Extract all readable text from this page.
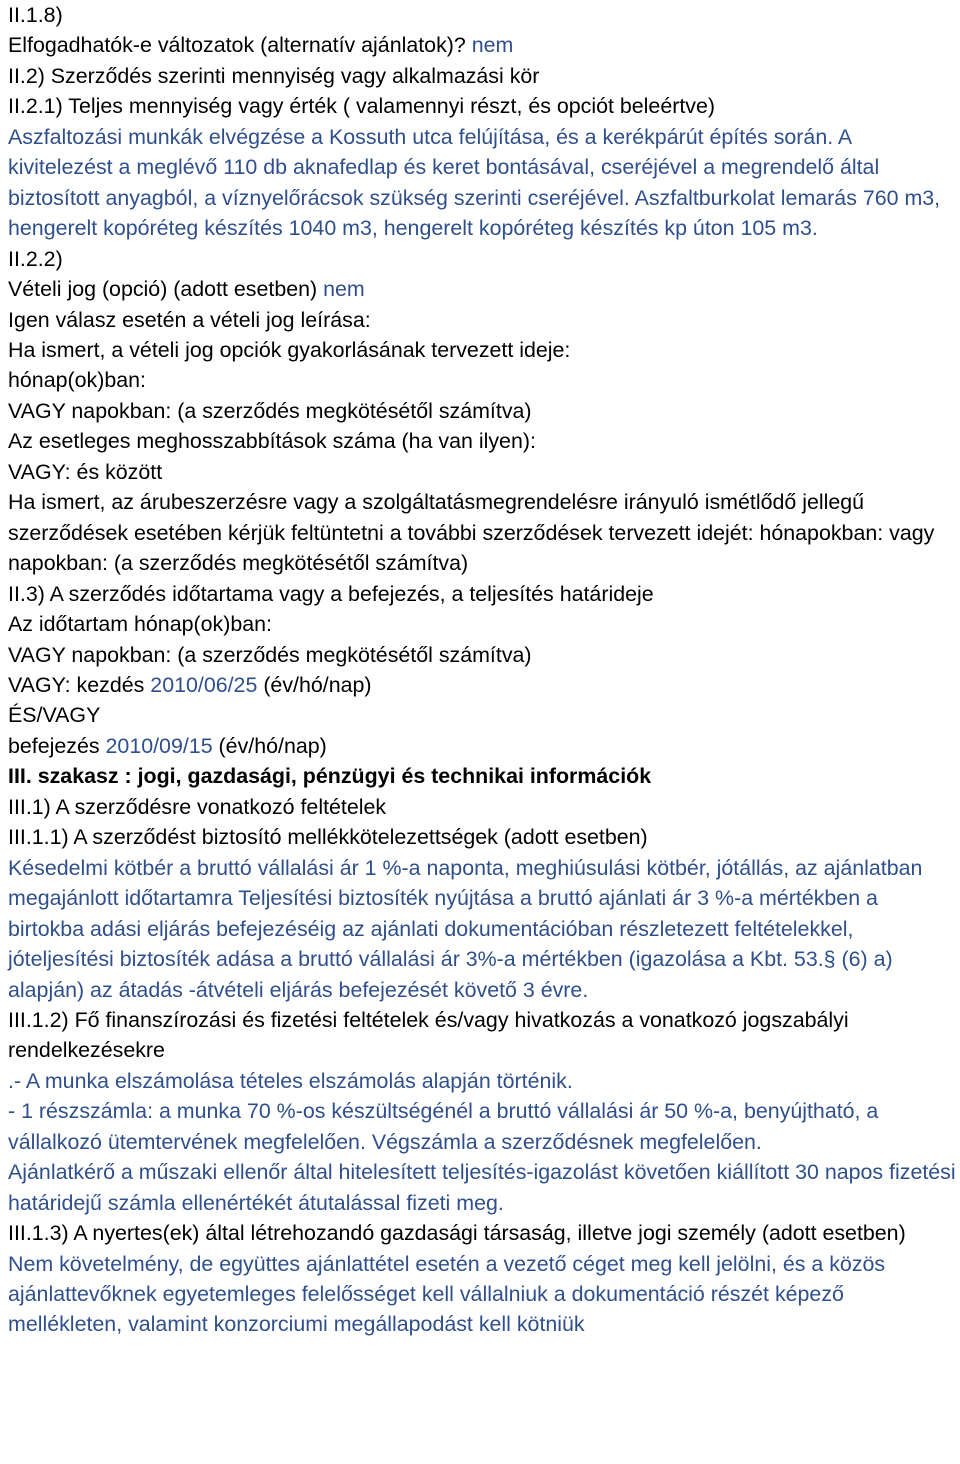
II.1.8)

Elfogadhatók-e változatok (alternatív ajánlatok)? nem

II.2) Szerződés szerinti mennyiség vagy alkalmazási kör

II.2.1) Teljes mennyiség vagy érték ( valamennyi részt, és opciót beleértve)

Aszfaltozási munkák elvégzése a Kossuth utca felújítása, és a kerékpárút építés során. A kivitelezést a meglévő 110 db aknafedlap és keret bontásával, cseréjével a megrendelő által biztosított anyagból, a víznyelőrácsok szükség szerinti cseréjével. Aszfaltburkolat lemarás 760 m3, hengerelt kopóréteg készítés 1040 m3, hengerelt kopóréteg készítés kp úton 105 m3.

II.2.2)

Vételi jog (opció) (adott esetben) nem

Igen válasz esetén a vételi jog leírása:

Ha ismert, a vételi jog opciók gyakorlásának tervezett ideje:

hónap(ok)ban:

VAGY napokban: (a szerződés megkötésétől számítva)

Az esetleges meghosszabbítások száma (ha van ilyen):

VAGY: és között

Ha ismert, az árubeszerzésre vagy a szolgáltatásmegrendelésre irányuló ismétlődő jellegű szerződések esetében kérjük feltüntetni a további szerződések tervezett idejét: hónapokban: vagy napokban: (a szerződés megkötésétől számítva)

II.3) A szerződés időtartama vagy a befejezés, a teljesítés határideje

Az időtartam hónap(ok)ban:

VAGY napokban: (a szerződés megkötésétől számítva)

VAGY: kezdés 2010/06/25 (év/hó/nap)

ÉS/VAGY

befejezés 2010/09/15 (év/hó/nap)

III. szakasz : jogi, gazdasági, pénzügyi és technikai információk

III.1) A szerződésre vonatkozó feltételek

III.1.1) A szerződést biztosító mellékkötelezettségek (adott esetben)

Késedelmi kötbér a bruttó vállalási ár 1 %-a naponta, meghiúsulási kötbér, jótállás, az ajánlatban megajánlott időtartamra Teljesítési biztosíték nyújtása a bruttó ajánlati ár 3 %-a mértékben a birtokba adási eljárás befejezéséig az ajánlati dokumentációban részletezett feltételekkel, jóteljesítési biztosíték adása a bruttó vállalási ár 3%-a mértékben (igazolása a Kbt. 53.§ (6) a) alapján) az átadás -átvételi eljárás befejezését követő 3 évre.

III.1.2) Fő finanszírozási és fizetési feltételek és/vagy hivatkozás a vonatkozó jogszabályi rendelkezésekre

.- A munka elszámolása tételes elszámolás alapján történik.

- 1 részszámla: a munka 70 %-os készültségénél a bruttó vállalási ár 50 %-a, benyújtható, a vállalkozó ütemtervének megfelelően. Végszámla a szerződésnek megfelelően.

Ajánlatkérő a műszaki ellenőr által hitelesített teljesítés-igazolást követően kiállított 30 napos fizetési határidejű számla ellenértékét átutalással fizeti meg.

III.1.3) A nyertes(ek) által létrehozandó gazdasági társaság, illetve jogi személy (adott esetben)

Nem követelmény, de együttes ajánlattétel esetén a vezető céget meg kell jelölni, és a közös ajánlattevőknek egyetemleges felelősséget kell vállalniuk a dokumentáció részét képező mellékleten, valamint konzorciumi megállapodást kell kötniük
